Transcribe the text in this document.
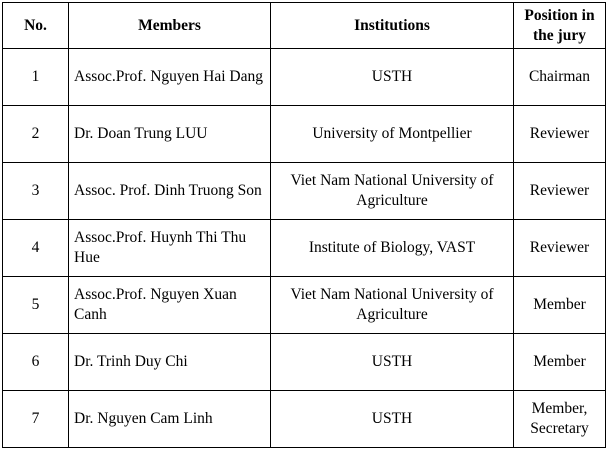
No.	Members	Institutions	Position in the jury
1	Assoc.Prof. Nguyen Hai Dang	USTH	Chairman
2	Dr. Doan Trung LUU	University of Montpellier	Reviewer
3	Assoc. Prof. Dinh Truong Son	Viet Nam National University of Agriculture	Reviewer
4	Assoc.Prof. Huynh Thi Thu Hue	Institute of Biology, VAST	Reviewer
5	Assoc.Prof. Nguyen Xuan Canh	Viet Nam National University of Agriculture	Member
6	Dr. Trinh Duy Chi	USTH	Member
7	Dr. Nguyen Cam Linh	USTH	Member,
Secretary
